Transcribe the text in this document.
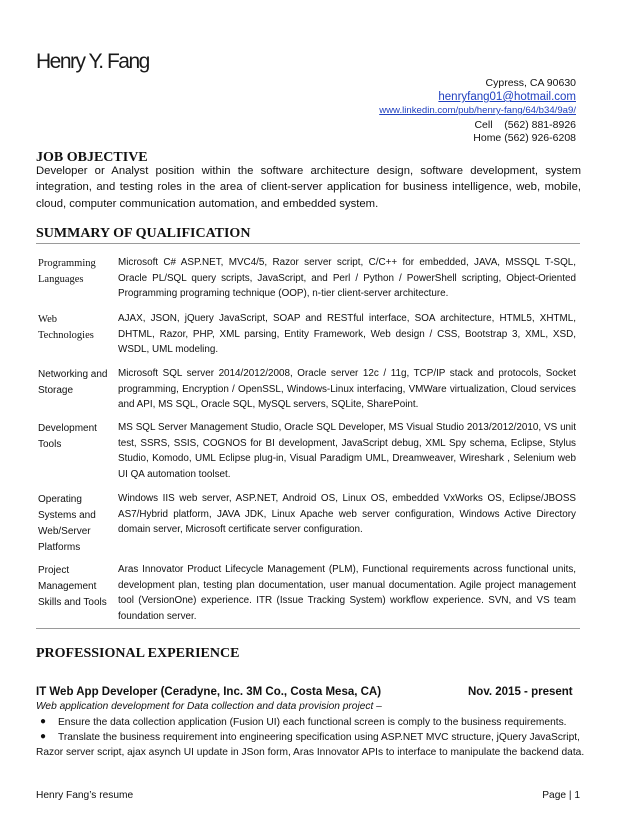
Henry Y. Fang
Cypress, CA 90630
henryfang01@hotmail.com
www.linkedin.com/pub/henry-fang/64/b34/9a9/
Cell    (562) 881-8926
Home (562) 926-6208
JOB OBJECTIVE
Developer or Analyst position within the software architecture design, software development, system integration, and testing roles in the area of client-server application for business intelligence, web, mobile, cloud, computer communication automation, and embedded system.
SUMMARY OF QUALIFICATION
Programming Languages
Microsoft C# ASP.NET, MVC4/5, Razor server script, C/C++ for embedded, JAVA, MSSQL T-SQL, Oracle PL/SQL query scripts, JavaScript, and Perl / Python / PowerShell scripting, Object-Oriented Programming programing technique (OOP), n-tier client-server architecture.
Web Technologies
AJAX, JSON, jQuery JavaScript, SOAP and RESTful interface, SOA architecture, HTML5, XHTML, DHTML, Razor, PHP, XML parsing, Entity Framework, Web design / CSS, Bootstrap 3, XML, XSD, WSDL, UML modeling.
Networking and Storage
Microsoft SQL server 2014/2012/2008, Oracle server 12c / 11g, TCP/IP stack and protocols, Socket programming, Encryption / OpenSSL, Windows-Linux interfacing, VMWare virtualization, Cloud services and API, MS SQL, Oracle SQL, MySQL servers, SQLite, SharePoint.
Development Tools
MS SQL Server Management Studio, Oracle SQL Developer, MS Visual Studio 2013/2012/2010, VS unit test, SSRS, SSIS, COGNOS for BI development, JavaScript debug, XML Spy schema, Eclipse, Stylus Studio, Komodo, UML Eclipse plug-in, Visual Paradigm UML, Dreamweaver, Wireshark , Selenium web UI QA automation toolset.
Operating Systems and Web/Server Platforms
Windows IIS web server, ASP.NET, Android OS, Linux OS, embedded VxWorks OS, Eclipse/JBOSS AS7/Hybrid platform, JAVA JDK, Linux Apache web server configuration, Windows Active Directory domain server, Microsoft certificate server configuration.
Project Management Skills and Tools
Aras Innovator Product Lifecycle Management (PLM), Functional requirements across functional units, development plan, testing plan documentation, user manual documentation. Agile project management tool (VersionOne) experience. ITR (Issue Tracking System) workflow experience. SVN, and VS team foundation server.
PROFESSIONAL EXPERIENCE
IT Web App Developer (Ceradyne, Inc. 3M Co., Costa Mesa, CA)	Nov. 2015 - present
Web application development for Data collection and data provision project –
● Ensure the data collection application (Fusion UI) each functional screen is comply to the business requirements.
● Translate the business requirement into engineering specification using ASP.NET MVC structure, jQuery JavaScript,
Razor server script, ajax asynch UI update in JSon form, Aras Innovator APIs to interface to manipulate the backend data.
Henry Fang’s resume	Page | 1
